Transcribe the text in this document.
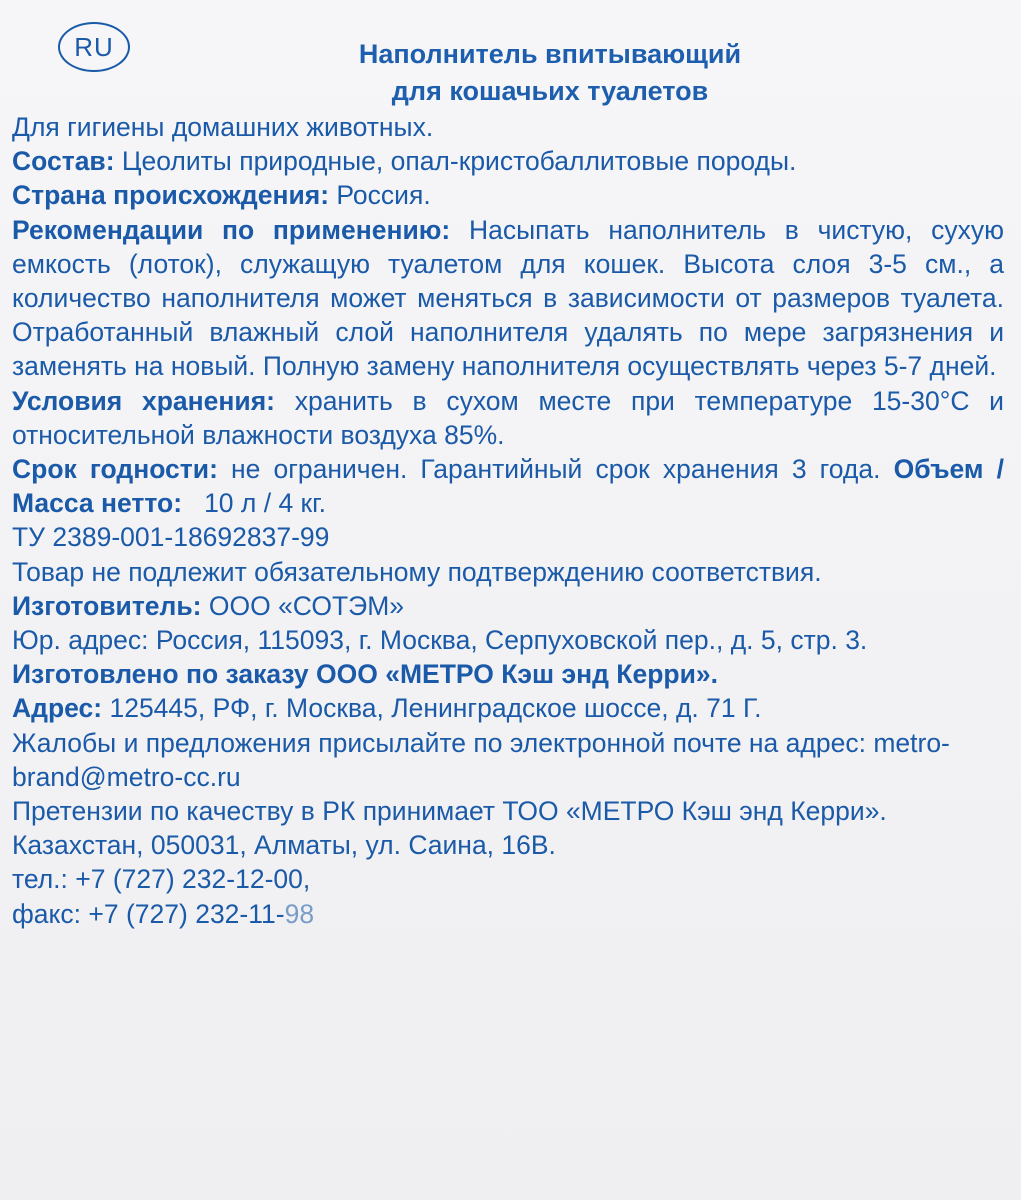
RU	Наполнитель впитывающий
для кошачьих туалетов

Для гигиены домашних животных.

Состав: Цеолиты природные, опал-кристобаллитовые породы.

Страна происхождения: Россия.

Рекомендации по применению: Насыпать наполнитель в чистую, сухую емкость (лоток), служащую туалетом для кошек. Высота слоя 3-5 см., а количество наполнителя может меняться в зависимости от размеров туалета. Отработанный влажный слой наполнителя удалять по мере загрязнения и заменять на новый. Полную замену наполнителя осуществлять через 5-7 дней.

Условия хранения: хранить в сухом месте при температуре 15-30°С и относительной влажности воздуха 85%.

Срок годности: не ограничен. Гарантийный срок хранения 3 года. Объем / Масса нетто: 10 л / 4 кг.

ТУ 2389-001-18692837-99

Товар не подлежит обязательному подтверждению соответствия.

Изготовитель: ООО «СОТЭМ»

Юр. адрес: Россия, 115093, г. Москва, Серпуховской пер., д. 5, стр. 3.

Изготовлено по заказу ООО «МЕТРО Кэш энд Керри».

Адрес: 125445, РФ, г. Москва, Ленинградское шоссе, д. 71 Г.

Жалобы и предложения присылайте по электронной почте на адрес: metro-brand@metro-cc.ru

Претензии по качеству в РК принимает ТОО «МЕТРО Кэш энд Керри». Казахстан, 050031, Алматы, ул. Саина, 16В.

тел.: +7 (727) 232-12-00,

факс: +7 (727) 232-11-98
